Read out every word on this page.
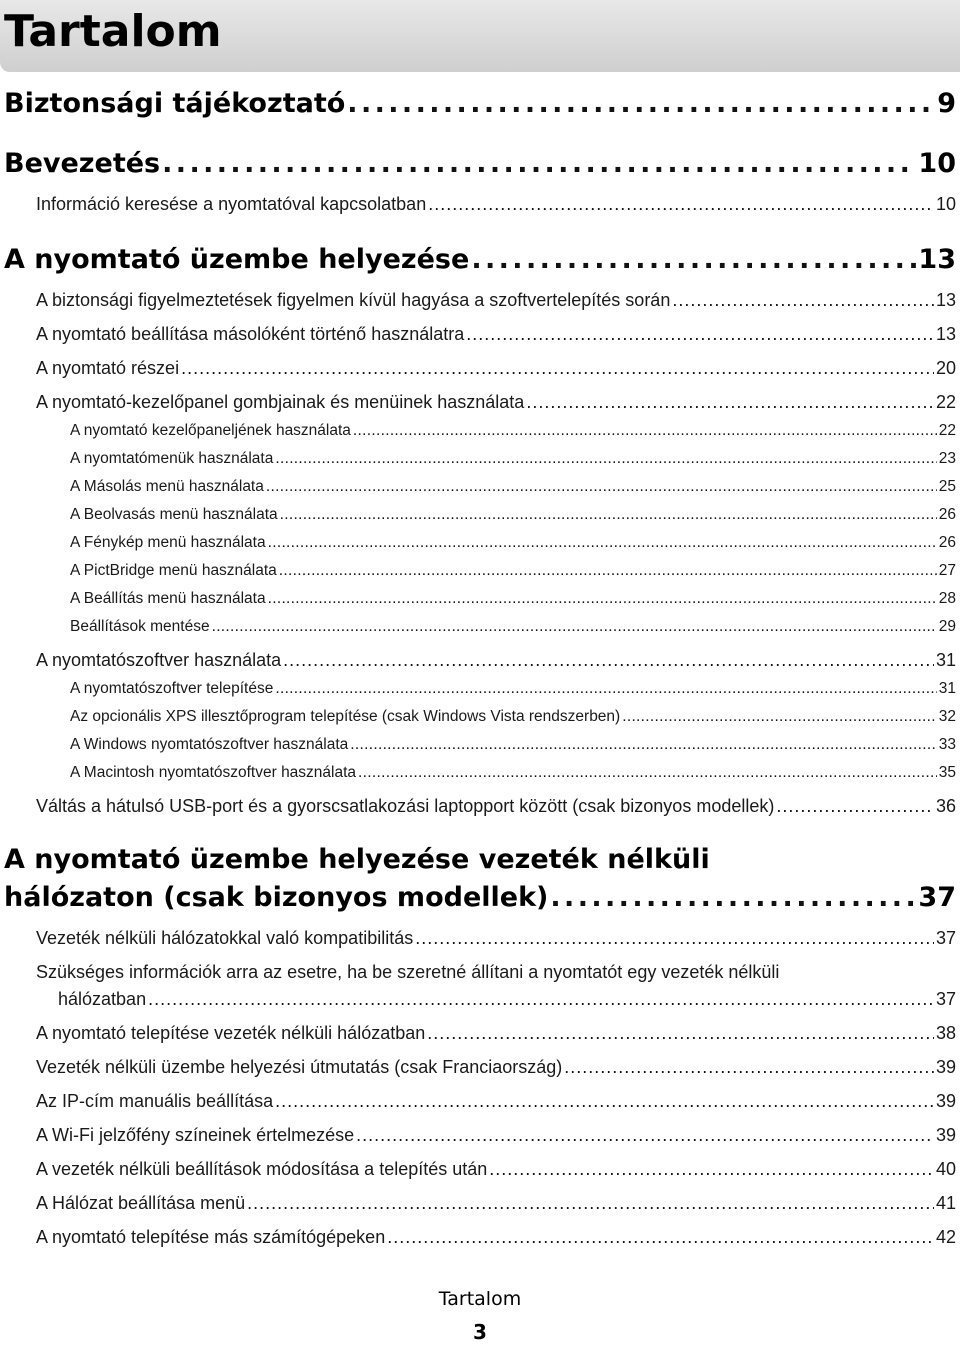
Tartalom
Biztonsági tájékoztató . . .	9
Bevezetés . . .	10
Információ keresése a nyomtatóval kapcsolatban . . .	10
A nyomtató üzembe helyezése . . .	13
A biztonsági figyelmeztetések figyelmen kívül hagyása a szoftvertelepítés során . . .	13
A nyomtató beállítása másolóként történő használatra . . .	13
A nyomtató részei . . .	20
A nyomtató-kezelőpanel gombjainak és menüinek használata . . .	22
A nyomtató kezelőpaneljének használata . . .	22
A nyomtatómenük használata . . .	23
A Másolás menü használata . . .	25
A Beolvasás menü használata . . .	26
A Fénykép menü használata . . .	26
A PictBridge menü használata . . .	27
A Beállítás menü használata . . .	28
Beállítások mentése . . .	29
A nyomtatószoftver használata . . .	31
A nyomtatószoftver telepítése . . .	31
Az opcionális XPS illesztőprogram telepítése (csak Windows Vista rendszerben) . . .	32
A Windows nyomtatószoftver használata . . .	33
A Macintosh nyomtatószoftver használata . . .	35
Váltás a hátulsó USB-port és a gyorscsatlakozási laptopport között (csak bizonyos modellek) . . .	36
A nyomtató üzembe helyezése vezeték nélküli
hálózaton (csak bizonyos modellek) . . .	37
Vezeték nélküli hálózatokkal való kompatibilitás . . .	37
Szükséges információk arra az esetre, ha be szeretné állítani a nyomtatót egy vezeték nélküli
hálózatban . . .	37
A nyomtató telepítése vezeték nélküli hálózatban . . .	38
Vezeték nélküli üzembe helyezési útmutatás (csak Franciaország) . . .	39
Az IP-cím manuális beállítása . . .	39
A Wi-Fi jelzőfény színeinek értelmezése . . .	39
A vezeték nélküli beállítások módosítása a telepítés után . . .	40
A Hálózat beállítása menü . . .	41
A nyomtató telepítése más számítógépeken . . .	42
Tartalom
3
